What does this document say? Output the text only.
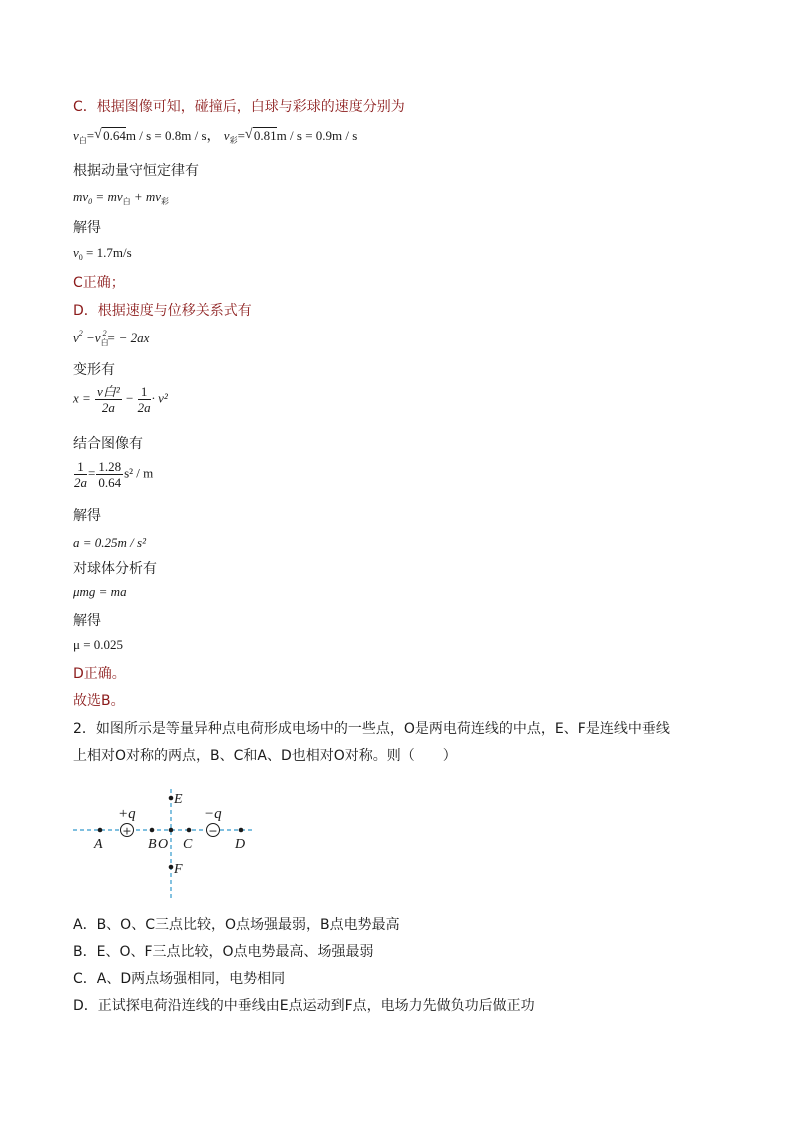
C．根据图像可知，碰撞后，白球与彩球的速度分别为
$v_白=√$ 0.64m / s = 0.8m / s， $v_彩=√$ 0.81m / s = 0.9m / s
根据动量守恒定律有
$mv_0 = mv_白 + mv_彩$
解得
$v_0 = 1.7m/s$
C正确；
D．根据速度与位移关系式有
$v^2 -v_白^2= - 2ax$
变形有
$x = \frac{\text{v白²}}{2a} - \frac{1}{2a} \cdot v^2$
结合图像有
$\frac{1}{2a} = \frac{1.28}{0.64} s^2 / m$
解得
a = 0.25m / s²
对球体分析有
μmg = ma
解得
μ = 0.025
D正确。
故选B。
2．如图所示是等量异种点电荷形成电场中的一些点，O是两电荷连线的中点，E、F是连线中垂线
上相对O对称的两点，B、C和A、D也相对O对称。则（　　）
+	−
+q	−q
A	B O C	D
E
F
A．B、O、C三点比较，O点场强最弱，B点电势最高
B．E、O、F三点比较，O点电势最高、场强最弱
C．A、D两点场强相同，电势相同
D．正试探电荷沿连线的中垂线由E点运动到F点，电场力先做负功后做正功
